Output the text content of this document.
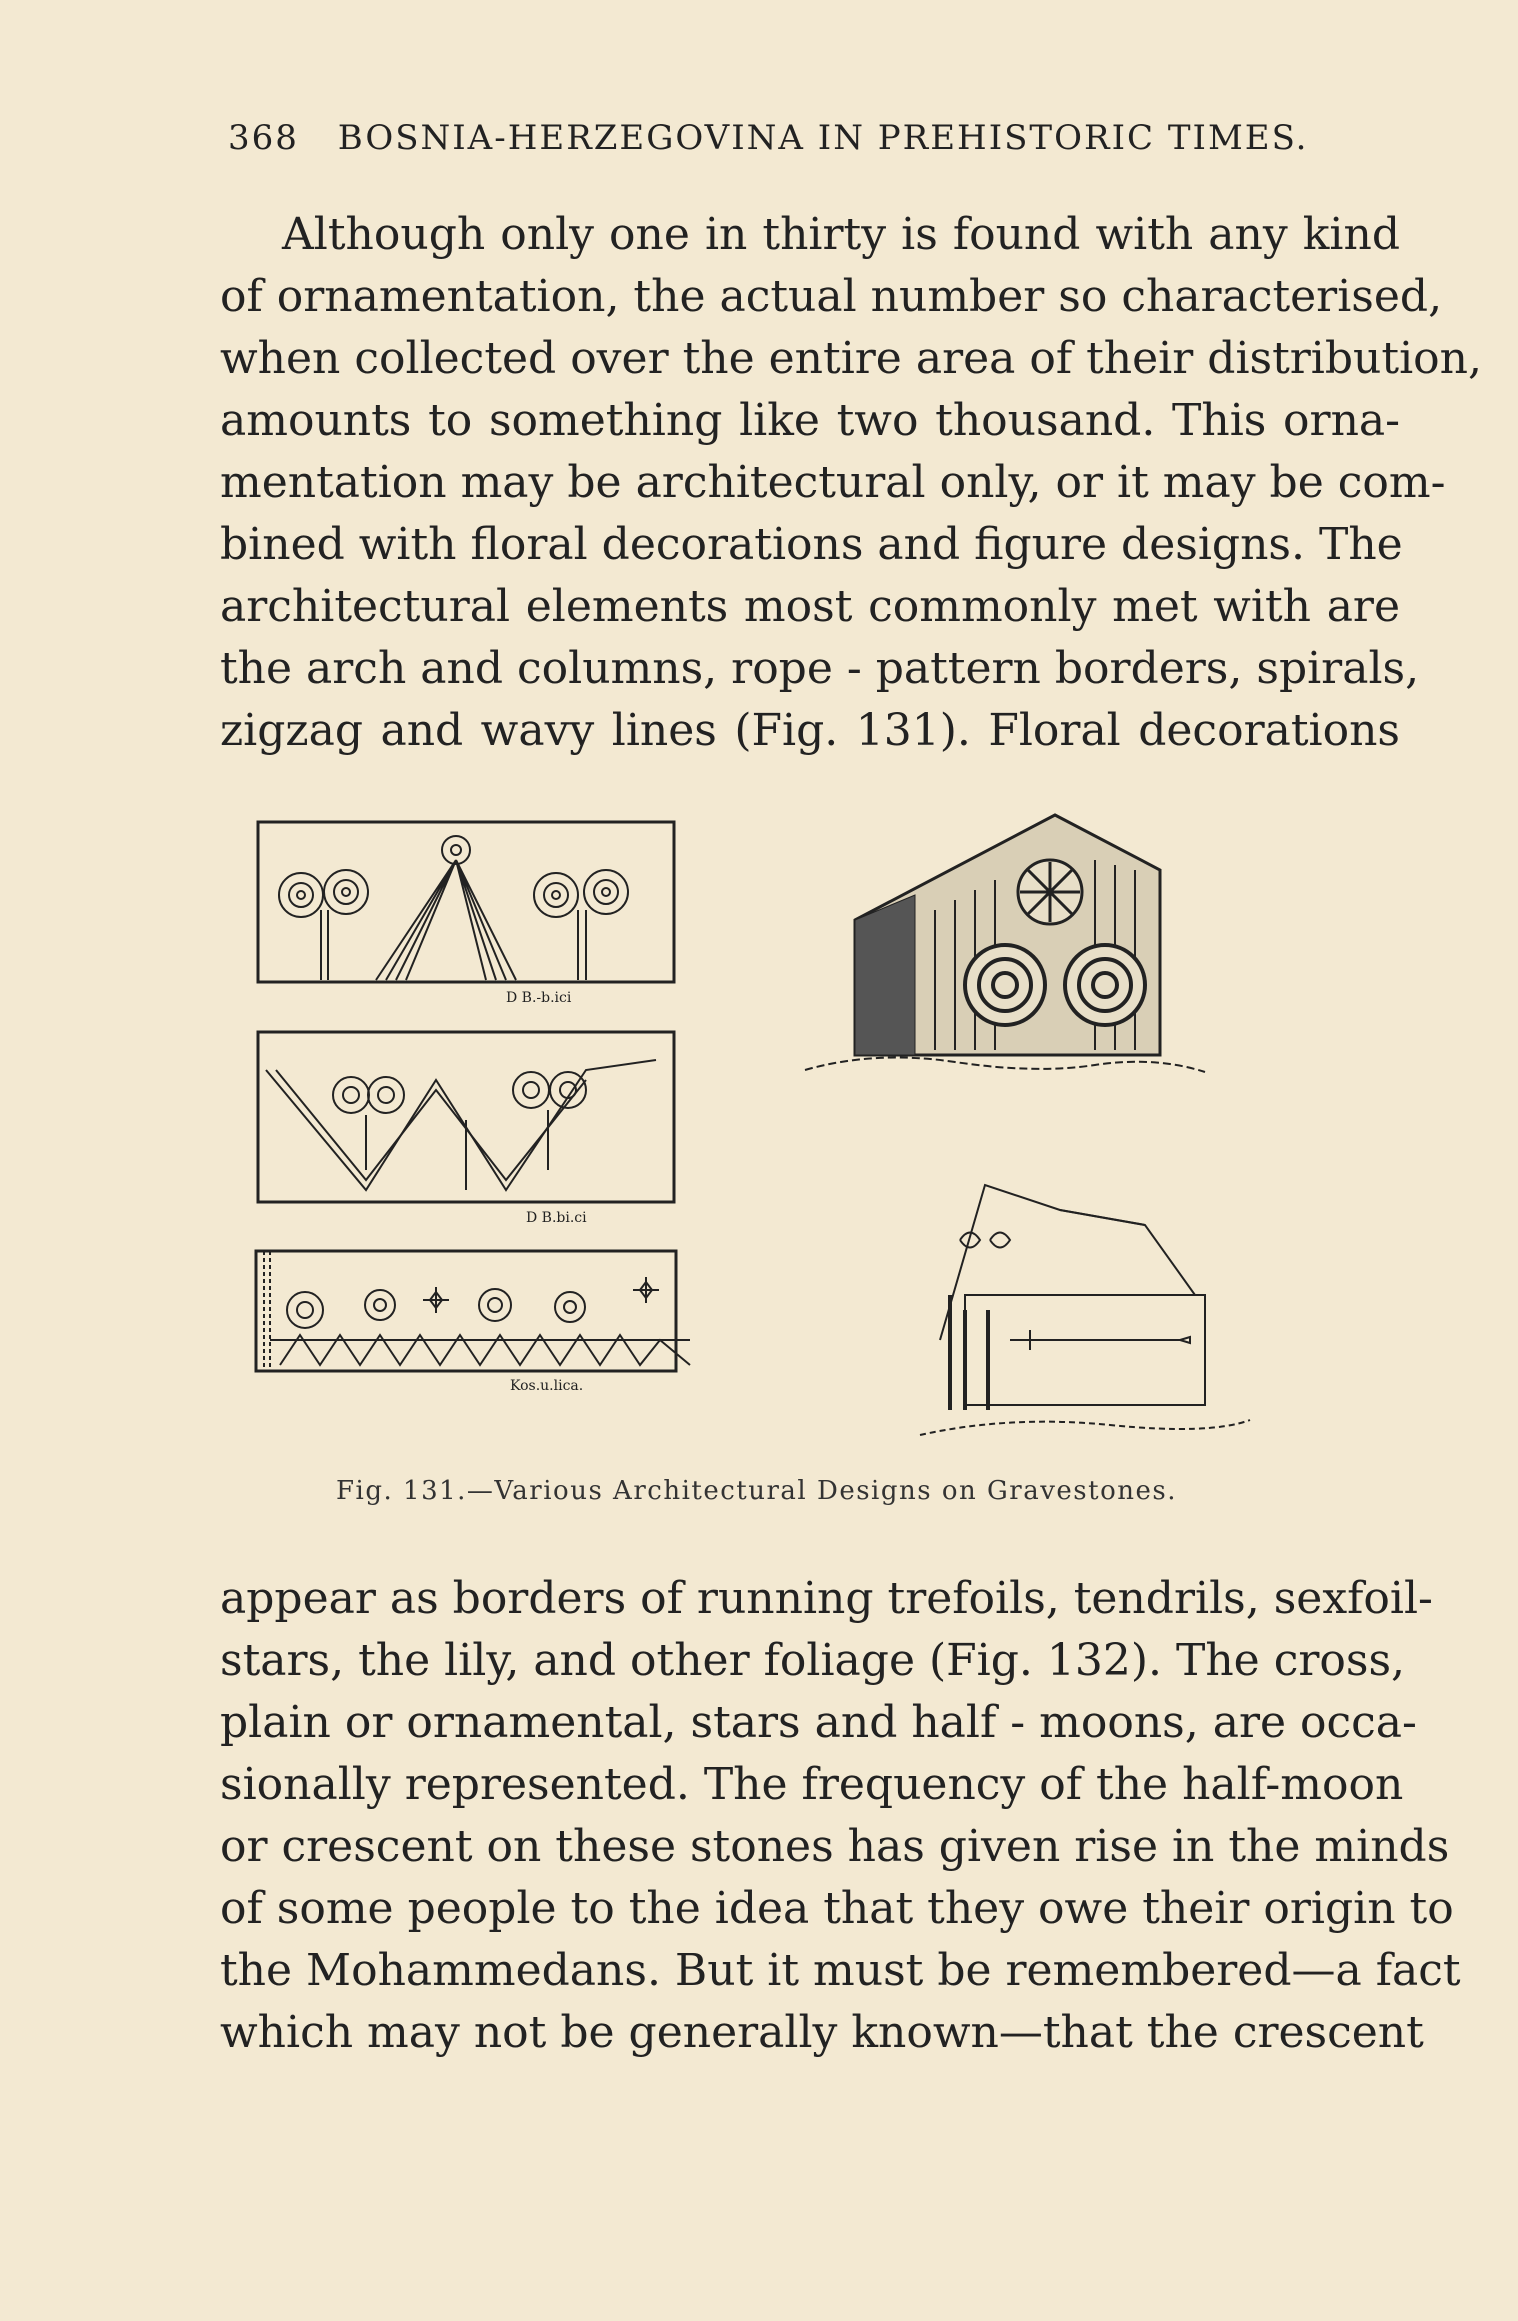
368 BOSNIA-HERZEGOVINA IN PREHISTORIC TIMES.
Although only one in thirty is found with any kind
of ornamentation, the actual number so characterised,
when collected over the entire area of their distribution,
amounts to something like two thousand. This orna-
mentation may be architectural only, or it may be com-
bined with floral decorations and figure designs. The
architectural elements most commonly met with are
the arch and columns, rope - pattern borders, spirals,
zigzag and wavy lines (Fig. 131). Floral decorations
D B.-b.ici
D B.bi.ci
Kos.u.lica.
Fig. 131.—Various Architectural Designs on Gravestones.
appear as borders of running trefoils, tendrils, sexfoil-
stars, the lily, and other foliage (Fig. 132). The cross,
plain or ornamental, stars and half - moons, are occa-
sionally represented. The frequency of the half-moon
or crescent on these stones has given rise in the minds
of some people to the idea that they owe their origin to
the Mohammedans. But it must be remembered—a fact
which may not be generally known—that the crescent
